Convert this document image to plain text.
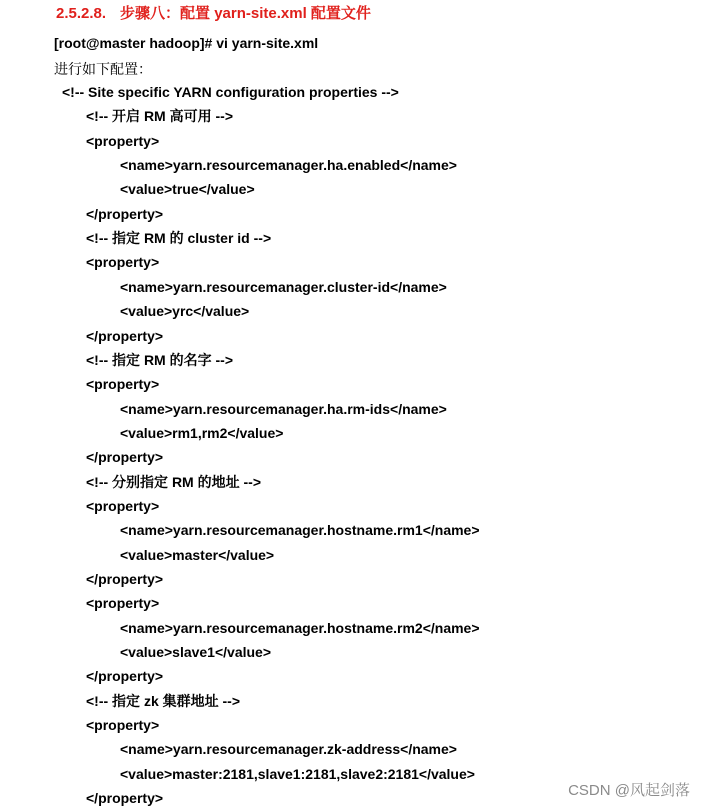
2.5.2.8. 步骤八：配置 yarn-site.xml 配置文件
[root@master hadoop]# vi yarn-site.xml
进行如下配置：
<!-- Site specific YARN configuration properties -->
<!-- 开启 RM 高可用 -->
<property>
<name>yarn.resourcemanager.ha.enabled</name>
<value>true</value>
</property>
<!-- 指定 RM 的 cluster id -->
<property>
<name>yarn.resourcemanager.cluster-id</name>
<value>yrc</value>
</property>
<!-- 指定 RM 的名字 -->
<property>
<name>yarn.resourcemanager.ha.rm-ids</name>
<value>rm1,rm2</value>
</property>
<!-- 分别指定 RM 的地址 -->
<property>
<name>yarn.resourcemanager.hostname.rm1</name>
<value>master</value>
</property>
<property>
<name>yarn.resourcemanager.hostname.rm2</name>
<value>slave1</value>
</property>
<!-- 指定 zk 集群地址 -->
<property>
<name>yarn.resourcemanager.zk-address</name>
<value>master:2181,slave1:2181,slave2:2181</value>
</property>	CSDN @风起剑落
